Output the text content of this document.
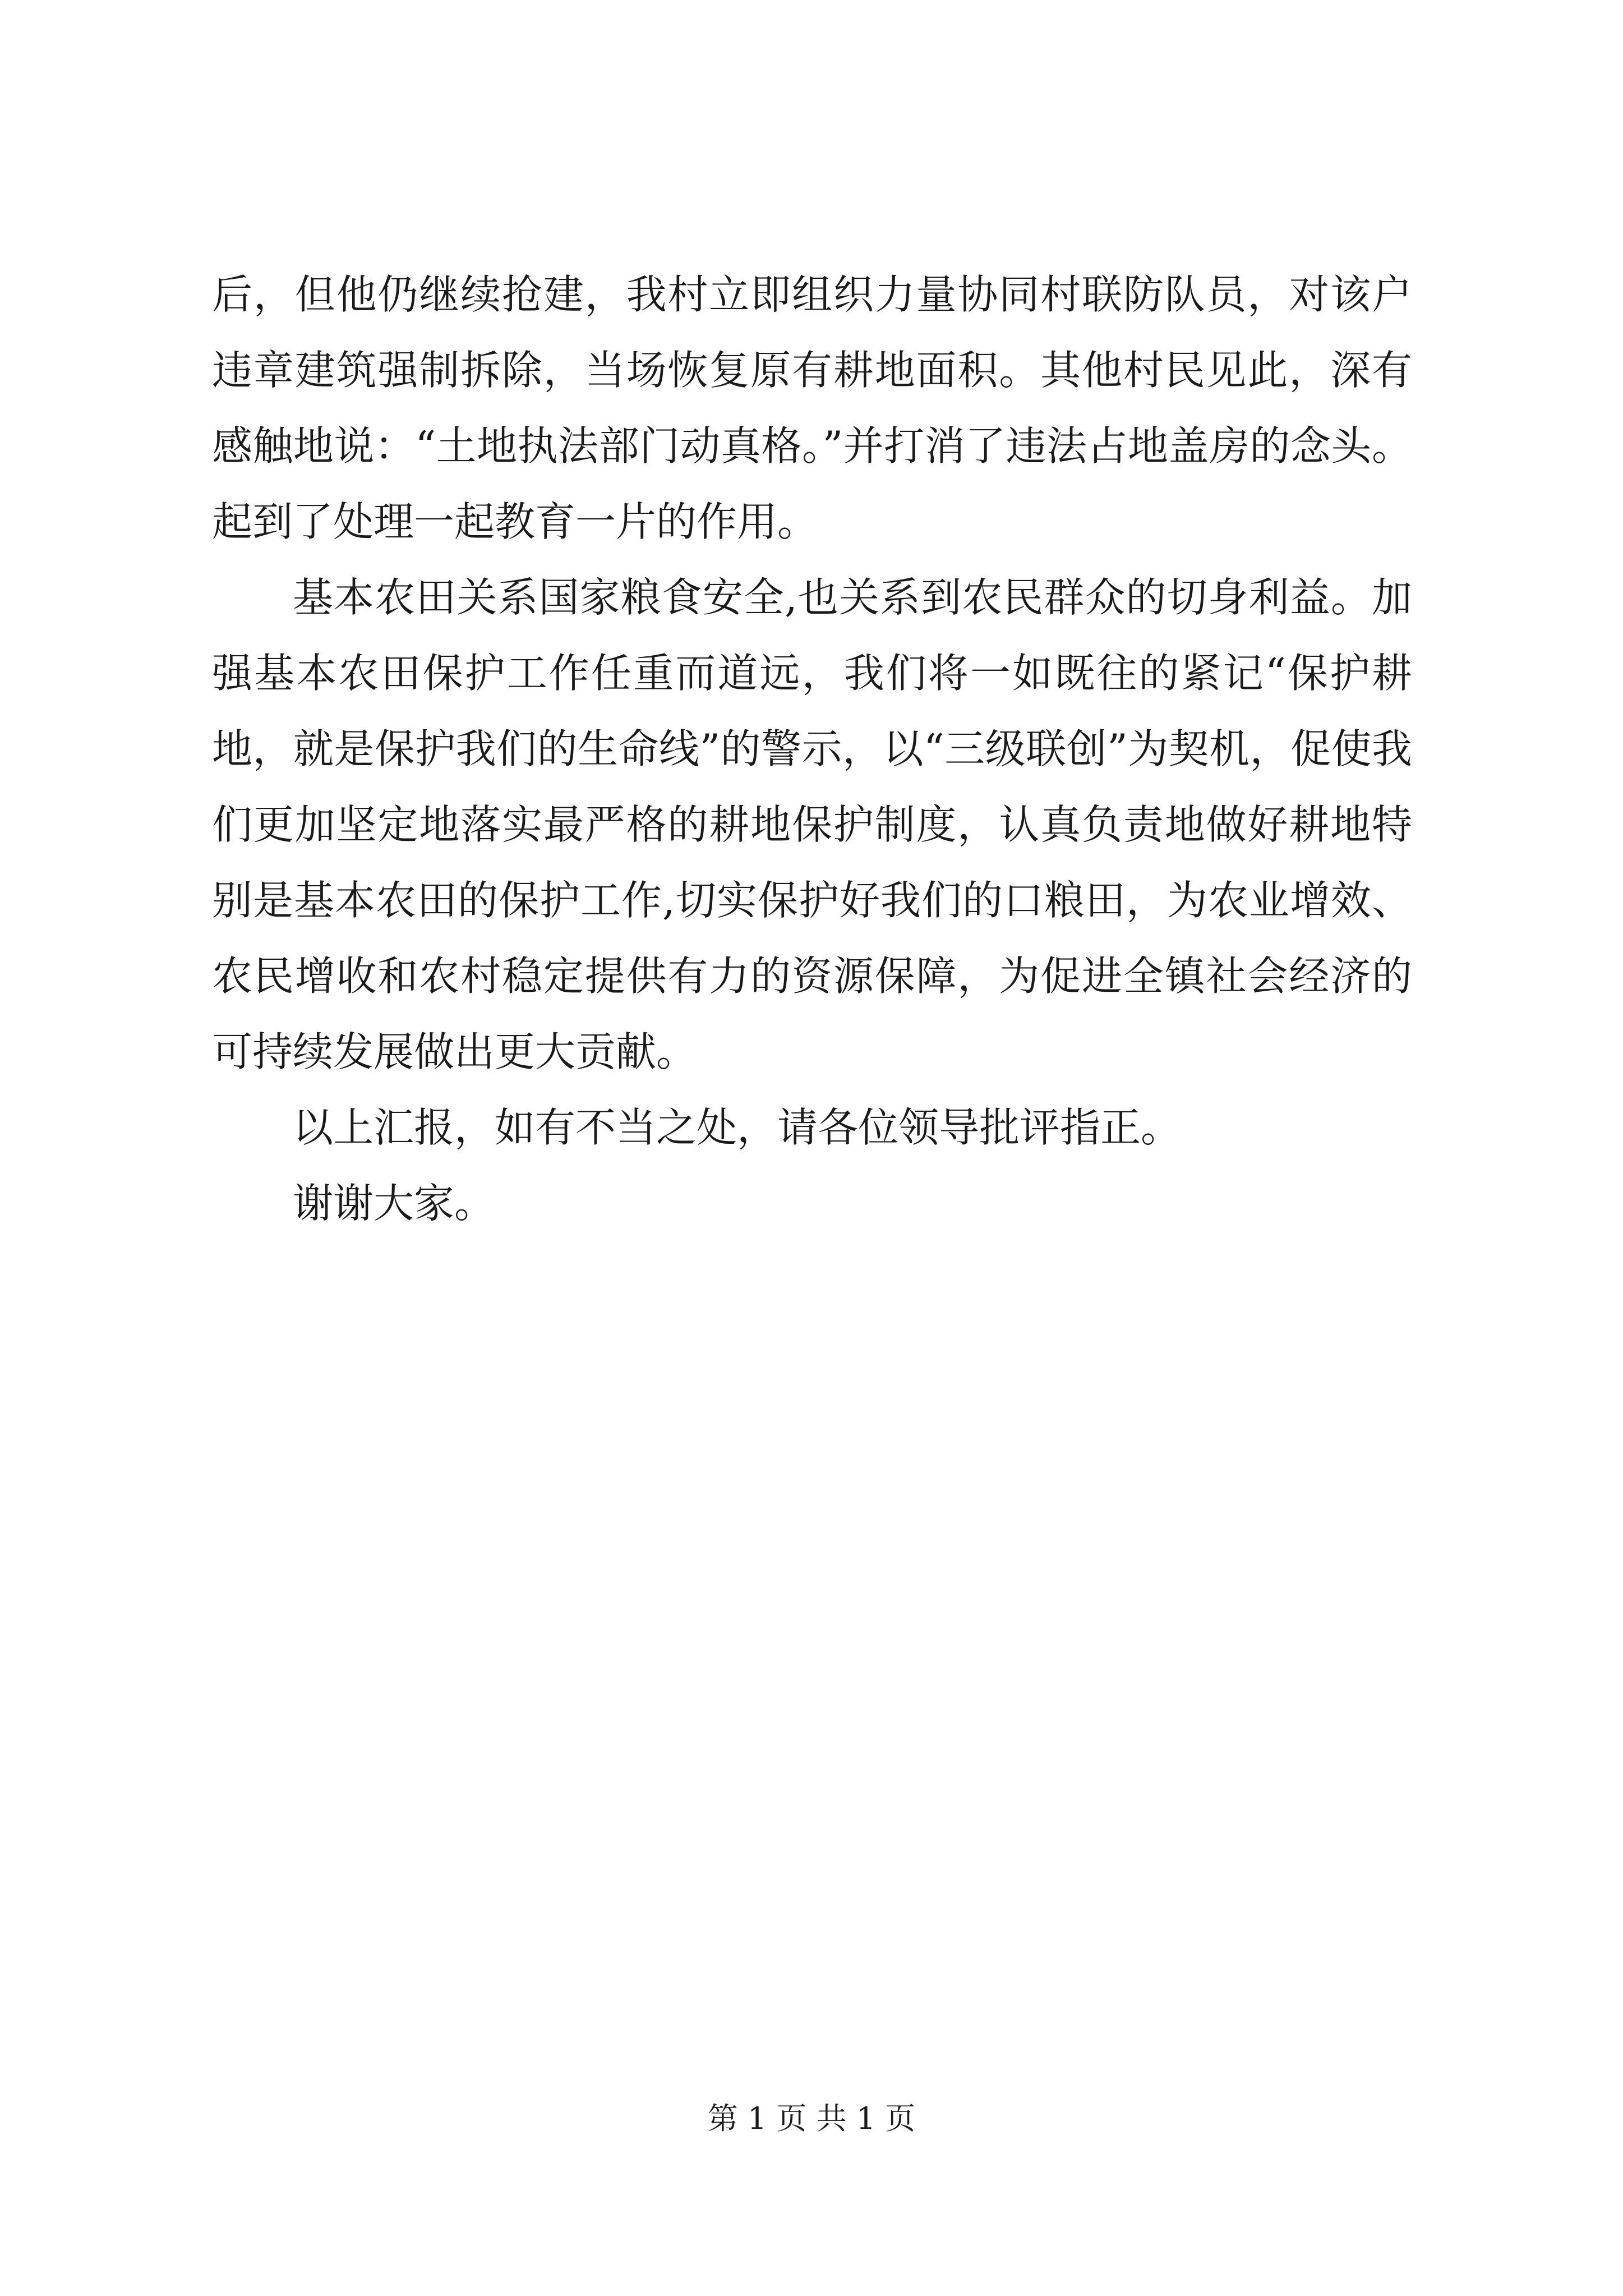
后，但他仍继续抢建，我村立即组织力量协同村联防队员，对该户违章建筑强制拆除，当场恢复原有耕地面积。其他村民见此，深有感触地说：“土地执法部门动真格。”并打消了违法占地盖房的念头。起到了处理一起教育一片的作用。

基本农田关系国家粮食安全,也关系到农民群众的切身利益。加强基本农田保护工作任重而道远，我们将一如既往的紧记“保护耕地，就是保护我们的生命线”的警示，以“三级联创”为契机，促使我们更加坚定地落实最严格的耕地保护制度，认真负责地做好耕地特别是基本农田的保护工作,切实保护好我们的口粮田，为农业增效、农民增收和农村稳定提供有力的资源保障，为促进全镇社会经济的可持续发展做出更大贡献。

以上汇报，如有不当之处，请各位领导批评指正。

谢谢大家。

第 1 页 共 1 页
